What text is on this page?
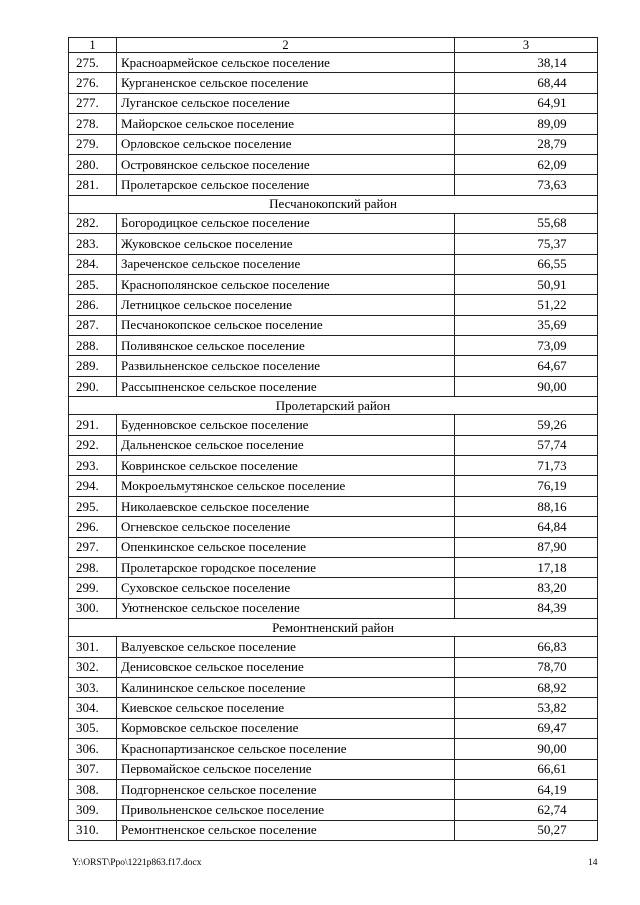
1	2	3
275.	Красноармейское сельское поселение	38,14
276.	Курганенское сельское поселение	68,44
277.	Луганское сельское поселение	64,91
278.	Майорское сельское поселение	89,09
279.	Орловское сельское поселение	28,79
280.	Островянское сельское поселение	62,09
281.	Пролетарское сельское поселение	73,63
Песчанокопский район		
282.	Богородицкое сельское поселение	55,68
283.	Жуковское сельское поселение	75,37
284.	Зареченское сельское поселение	66,55
285.	Краснополянское сельское поселение	50,91
286.	Летницкое сельское поселение	51,22
287.	Песчанокопское сельское поселение	35,69
288.	Поливянское сельское поселение	73,09
289.	Развильненское сельское поселение	64,67
290.	Рассыпненское сельское поселение	90,00
Пролетарский район		
291.	Буденновское сельское поселение	59,26
292.	Дальненское сельское поселение	57,74
293.	Ковринское сельское поселение	71,73
294.	Мокроельмутянское сельское поселение	76,19
295.	Николаевское сельское поселение	88,16
296.	Огневское сельское поселение	64,84
297.	Опенкинское сельское поселение	87,90
298.	Пролетарское городское поселение	17,18
299.	Суховское сельское поселение	83,20
300.	Уютненское сельское поселение	84,39
Ремонтненский район		
301.	Валуевское сельское поселение	66,83
302.	Денисовское сельское поселение	78,70
303.	Калининское сельское поселение	68,92
304.	Киевское сельское поселение	53,82
305.	Кормовское сельское поселение	69,47
306.	Краснопартизанское сельское поселение	90,00
307.	Первомайское сельское поселение	66,61
308.	Подгорненское сельское поселение	64,19
309.	Привольненское сельское поселение	62,74
310.	Ремонтненское сельское поселение	50,27
Y:\ORST\Ppo\1221p863.f17.docx	14
